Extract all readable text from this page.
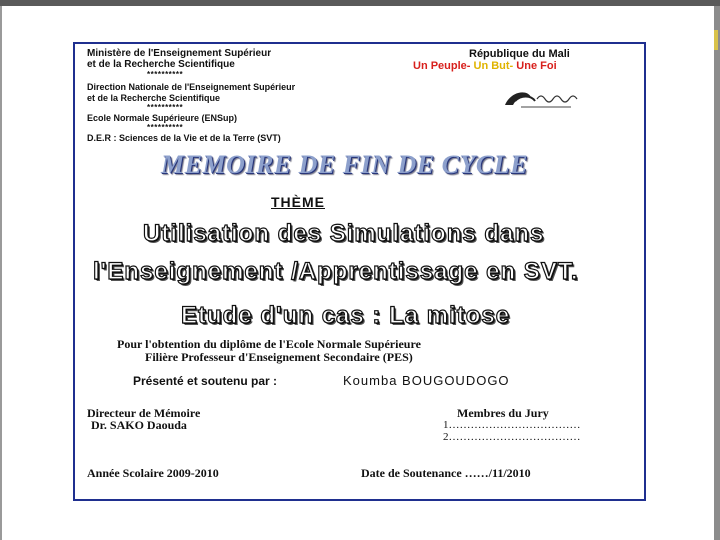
Ministère de l'Enseignement Supérieur
et de la Recherche Scientifique
**********
Direction Nationale de l'Enseignement Supérieur
et de la Recherche Scientifique
**********
Ecole Normale Supérieure (ENSup)
**********
D.E.R : Sciences de la Vie et de la Terre (SVT)
République du Mali
Un Peuple- Un But- Une Foi
MEMOIRE DE FIN DE CYCLE
THÈME
Utilisation des Simulations dans
l'Enseignement /Apprentissage en SVT.
Etude d'un cas : La mitose
Pour l'obtention du diplôme de l'Ecole Normale Supérieure
Filière Professeur d'Enseignement Secondaire (PES)
Présenté et soutenu par :	Koumba BOUGOUDOGO
Directeur de Mémoire
Dr. SAKO Daouda
Membres du Jury
1………………………………
2………………………………
Année Scolaire 2009-2010	Date de Soutenance ……/11/2010
